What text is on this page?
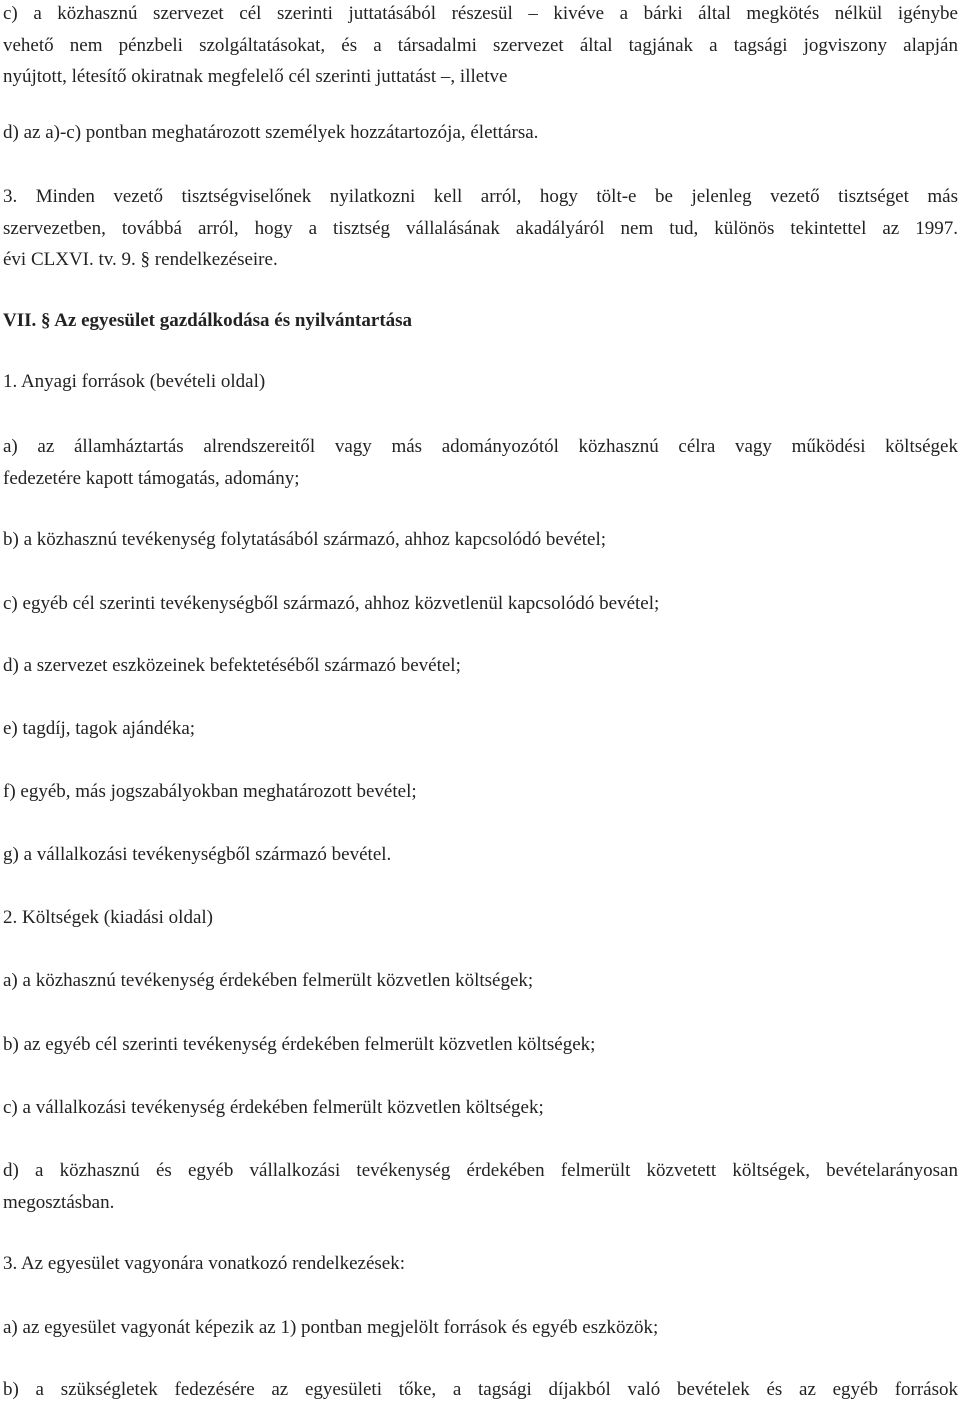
c) a közhasznú szervezet cél szerinti juttatásából részesül – kivéve a bárki által megkötés nélkül igénybe
vehető nem pénzbeli szolgáltatásokat, és a társadalmi szervezet által tagjának a tagsági jogviszony alapján
nyújtott, létesítő okiratnak megfelelő cél szerinti juttatást –, illetve
d) az a)-c) pontban meghatározott személyek hozzátartozója, élettársa.
3. Minden vezető tisztségviselőnek nyilatkozni kell arról, hogy tölt-e be jelenleg vezető tisztséget más
szervezetben, továbbá arról, hogy a tisztség vállalásának akadályáról nem tud, különös tekintettel az 1997.
évi CLXVI. tv. 9. § rendelkezéseire.
VII. § Az egyesület gazdálkodása és nyilvántartása
1. Anyagi források (bevételi oldal)
a) az államháztartás alrendszereitől vagy más adományozótól közhasznú célra vagy működési költségek
fedezetére kapott támogatás, adomány;
b) a közhasznú tevékenység folytatásából származó, ahhoz kapcsolódó bevétel;
c) egyéb cél szerinti tevékenységből származó, ahhoz közvetlenül kapcsolódó bevétel;
d) a szervezet eszközeinek befektetéséből származó bevétel;
e) tagdíj, tagok ajándéka;
f) egyéb, más jogszabályokban meghatározott bevétel;
g) a vállalkozási tevékenységből származó bevétel.
2. Költségek (kiadási oldal)
a) a közhasznú tevékenység érdekében felmerült közvetlen költségek;
b) az egyéb cél szerinti tevékenység érdekében felmerült közvetlen költségek;
c) a vállalkozási tevékenység érdekében felmerült közvetlen költségek;
d) a közhasznú és egyéb vállalkozási tevékenység érdekében felmerült közvetett költségek, bevételarányosan
megosztásban.
3. Az egyesület vagyonára vonatkozó rendelkezések:
a) az egyesület vagyonát képezik az 1) pontban megjelölt források és egyéb eszközök;
b) a szükségletek fedezésére az egyesületi tőke, a tagsági díjakból való bevételek és az egyéb források
